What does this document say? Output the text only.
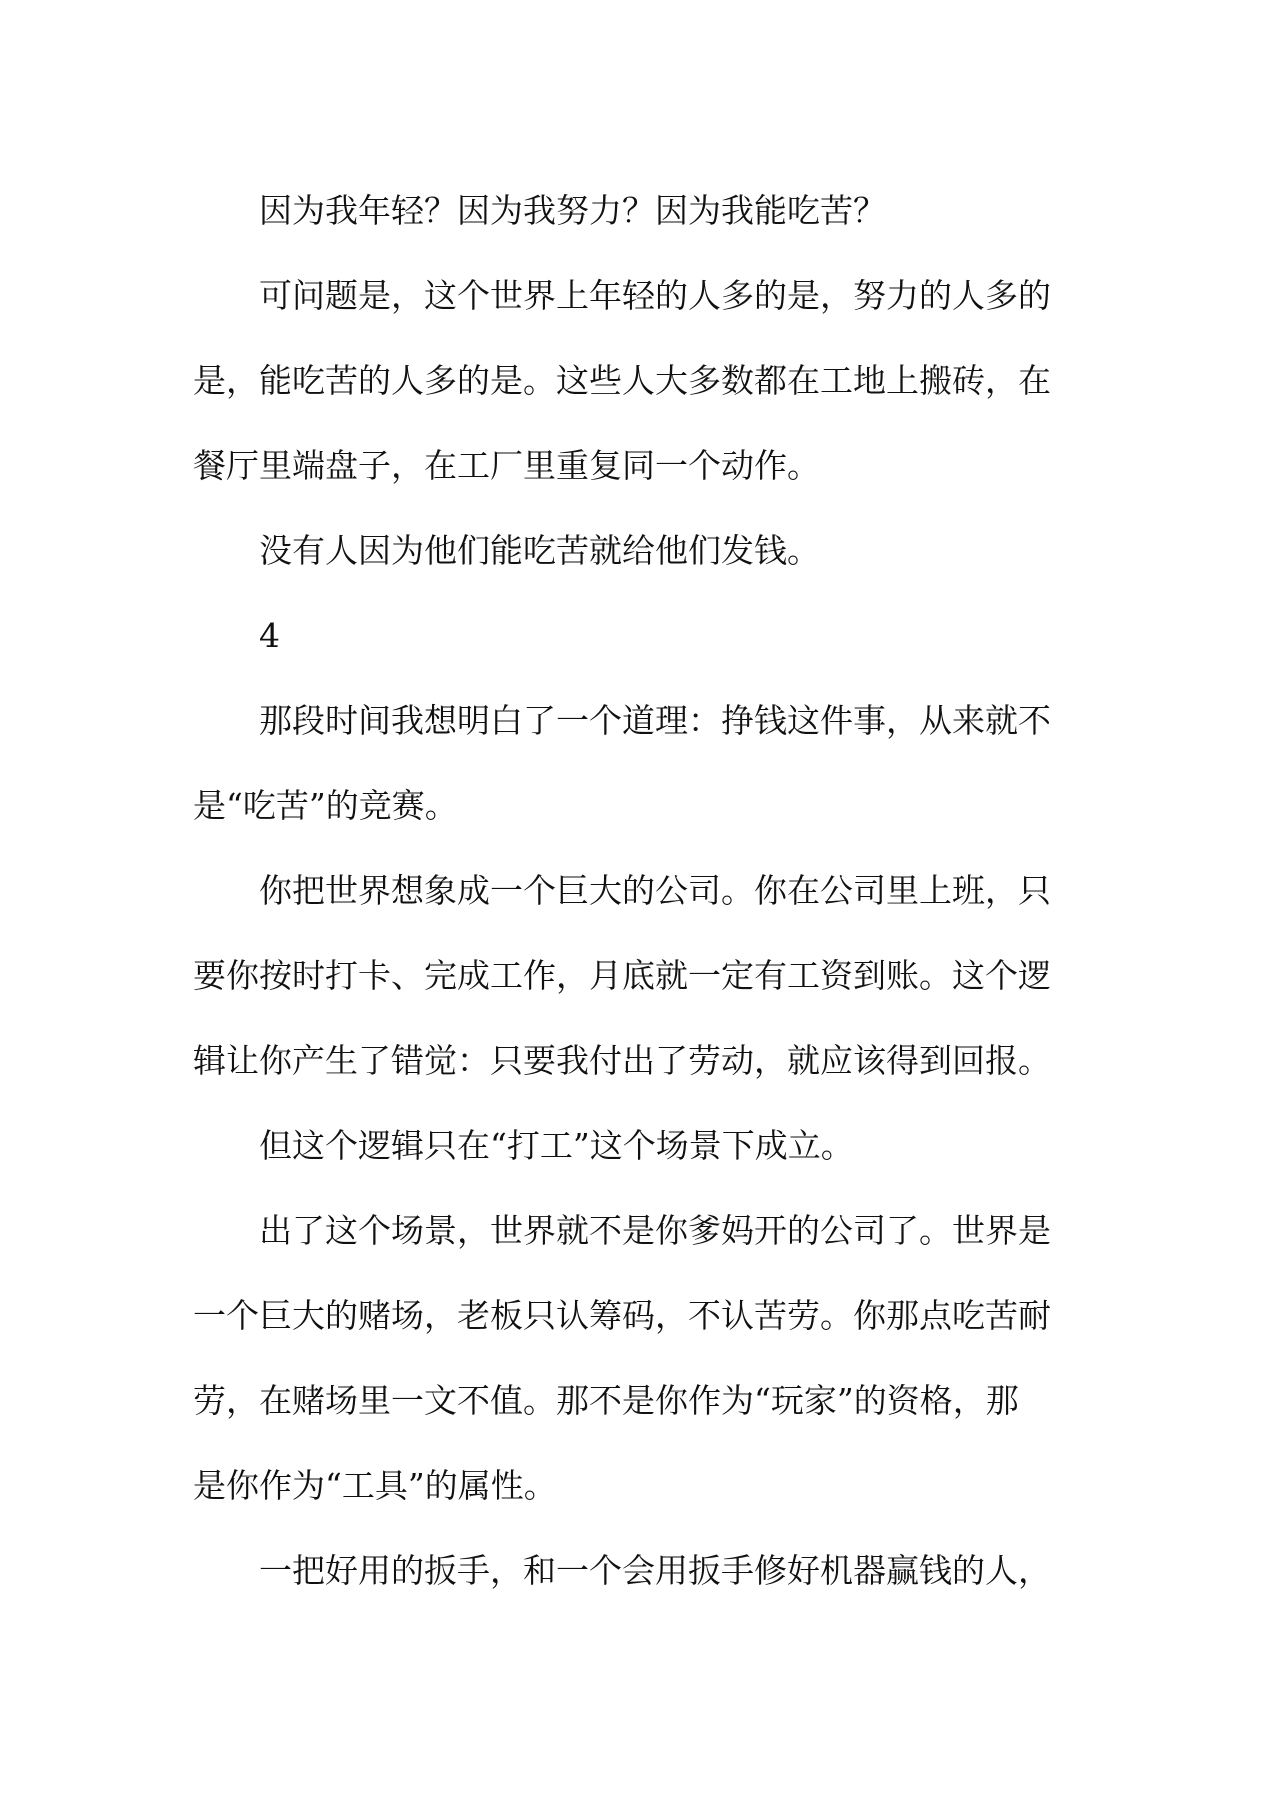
因为我年轻？因为我努力？因为我能吃苦？
可问题是，这个世界上年轻的人多的是，努力的人多的
是，能吃苦的人多的是。这些人大多数都在工地上搬砖，在
餐厅里端盘子，在工厂里重复同一个动作。
没有人因为他们能吃苦就给他们发钱。
4
那段时间我想明白了一个道理：挣钱这件事，从来就不
是“吃苦”的竞赛。
你把世界想象成一个巨大的公司。你在公司里上班，只
要你按时打卡、完成工作，月底就一定有工资到账。这个逻
辑让你产生了错觉：只要我付出了劳动，就应该得到回报。
但这个逻辑只在“打工”这个场景下成立。
出了这个场景，世界就不是你爹妈开的公司了。世界是
一个巨大的赌场，老板只认筹码，不认苦劳。你那点吃苦耐
劳，在赌场里一文不值。那不是你作为“玩家”的资格，那
是你作为“工具”的属性。
一把好用的扳手，和一个会用扳手修好机器赢钱的人，
